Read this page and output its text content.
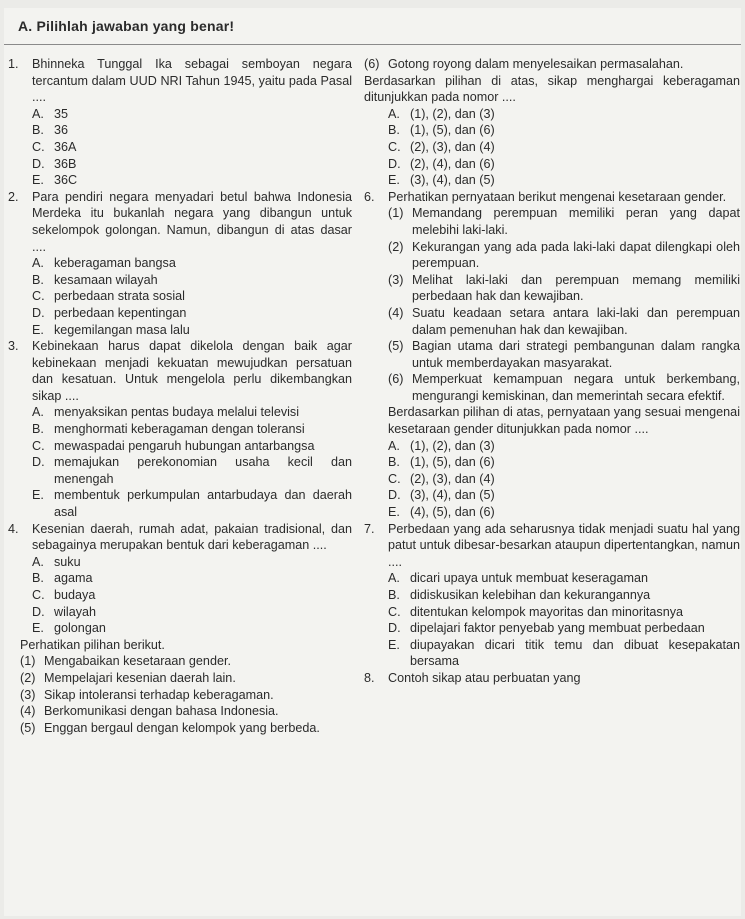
A. Pilihlah jawaban yang benar!
1.	Bhinneka Tunggal Ika sebagai semboyan negara tercantum dalam UUD NRI Tahun 1945, yaitu pada Pasal ....
A. 35
B. 36
C. 36A
D. 36B
E. 36C
2.	Para pendiri negara menyadari betul bahwa Indonesia Merdeka itu bukanlah negara yang dibangun untuk sekelompok golongan. Namun, dibangun di atas dasar ....
A. keberagaman bangsa
B. kesamaan wilayah
C. perbedaan strata sosial
D. perbedaan kepentingan
E. kegemilangan masa lalu
3.	Kebinekaan harus dapat dikelola dengan baik agar kebinekaan menjadi kekuatan mewujudkan persatuan dan kesatuan. Untuk mengelola perlu dikembangkan sikap ....
A. menyaksikan pentas budaya melalui televisi
B. menghormati keberagaman dengan toleransi
C. mewaspadai pengaruh hubungan antarbangsa
D. memajukan perekonomian usaha kecil dan menengah
E. membentuk perkumpulan antarbudaya dan daerah asal
4.	Kesenian daerah, rumah adat, pakaian tradisional, dan sebagainya merupakan bentuk dari keberagaman ....
A. suku
B. agama
C. budaya
D. wilayah
E. golongan
Perhatikan pilihan berikut.
(1) Mengabaikan kesetaraan gender.
(2) Mempelajari kesenian daerah lain.
(3) Sikap intoleransi terhadap keberagaman.
(4) Berkomunikasi dengan bahasa Indonesia.
(5) Enggan bergaul dengan kelompok yang berbeda.
(6) Gotong royong dalam menyelesaikan permasalahan.
Berdasarkan pilihan di atas, sikap menghargai keberagaman ditunjukkan pada nomor ....
A. (1), (2), dan (3)
B. (1), (5), dan (6)
C. (2), (3), dan (4)
D. (2), (4), dan (6)
E. (3), (4), dan (5)
6.	Perhatikan pernyataan berikut mengenai kesetaraan gender.
(1) Memandang perempuan memiliki peran yang dapat melebihi laki-laki.
(2) Kekurangan yang ada pada laki-laki dapat dilengkapi oleh perempuan.
(3) Melihat laki-laki dan perempuan memang memiliki perbedaan hak dan kewajiban.
(4) Suatu keadaan setara antara laki-laki dan perempuan dalam pemenuhan hak dan kewajiban.
(5) Bagian utama dari strategi pembangunan dalam rangka untuk memberdayakan masyarakat.
(6) Memperkuat kemampuan negara untuk berkembang, mengurangi kemiskinan, dan memerintah secara efektif.
Berdasarkan pilihan di atas, pernyataan yang sesuai mengenai kesetaraan gender ditunjukkan pada nomor ....
A. (1), (2), dan (3)
B. (1), (5), dan (6)
C. (2), (3), dan (4)
D. (3), (4), dan (5)
E. (4), (5), dan (6)
7.	Perbedaan yang ada seharusnya tidak menjadi suatu hal yang patut untuk dibesar-besarkan ataupun dipertentangkan, namun ....
A. dicari upaya untuk membuat keseragaman
B. didiskusikan kelebihan dan kekurangannya
C. ditentukan kelompok mayoritas dan minoritasnya
D. dipelajari faktor penyebab yang membuat perbedaan
E. diupayakan dicari titik temu dan dibuat kesepakatan bersama
8.	Contoh sikap atau perbuatan yang
